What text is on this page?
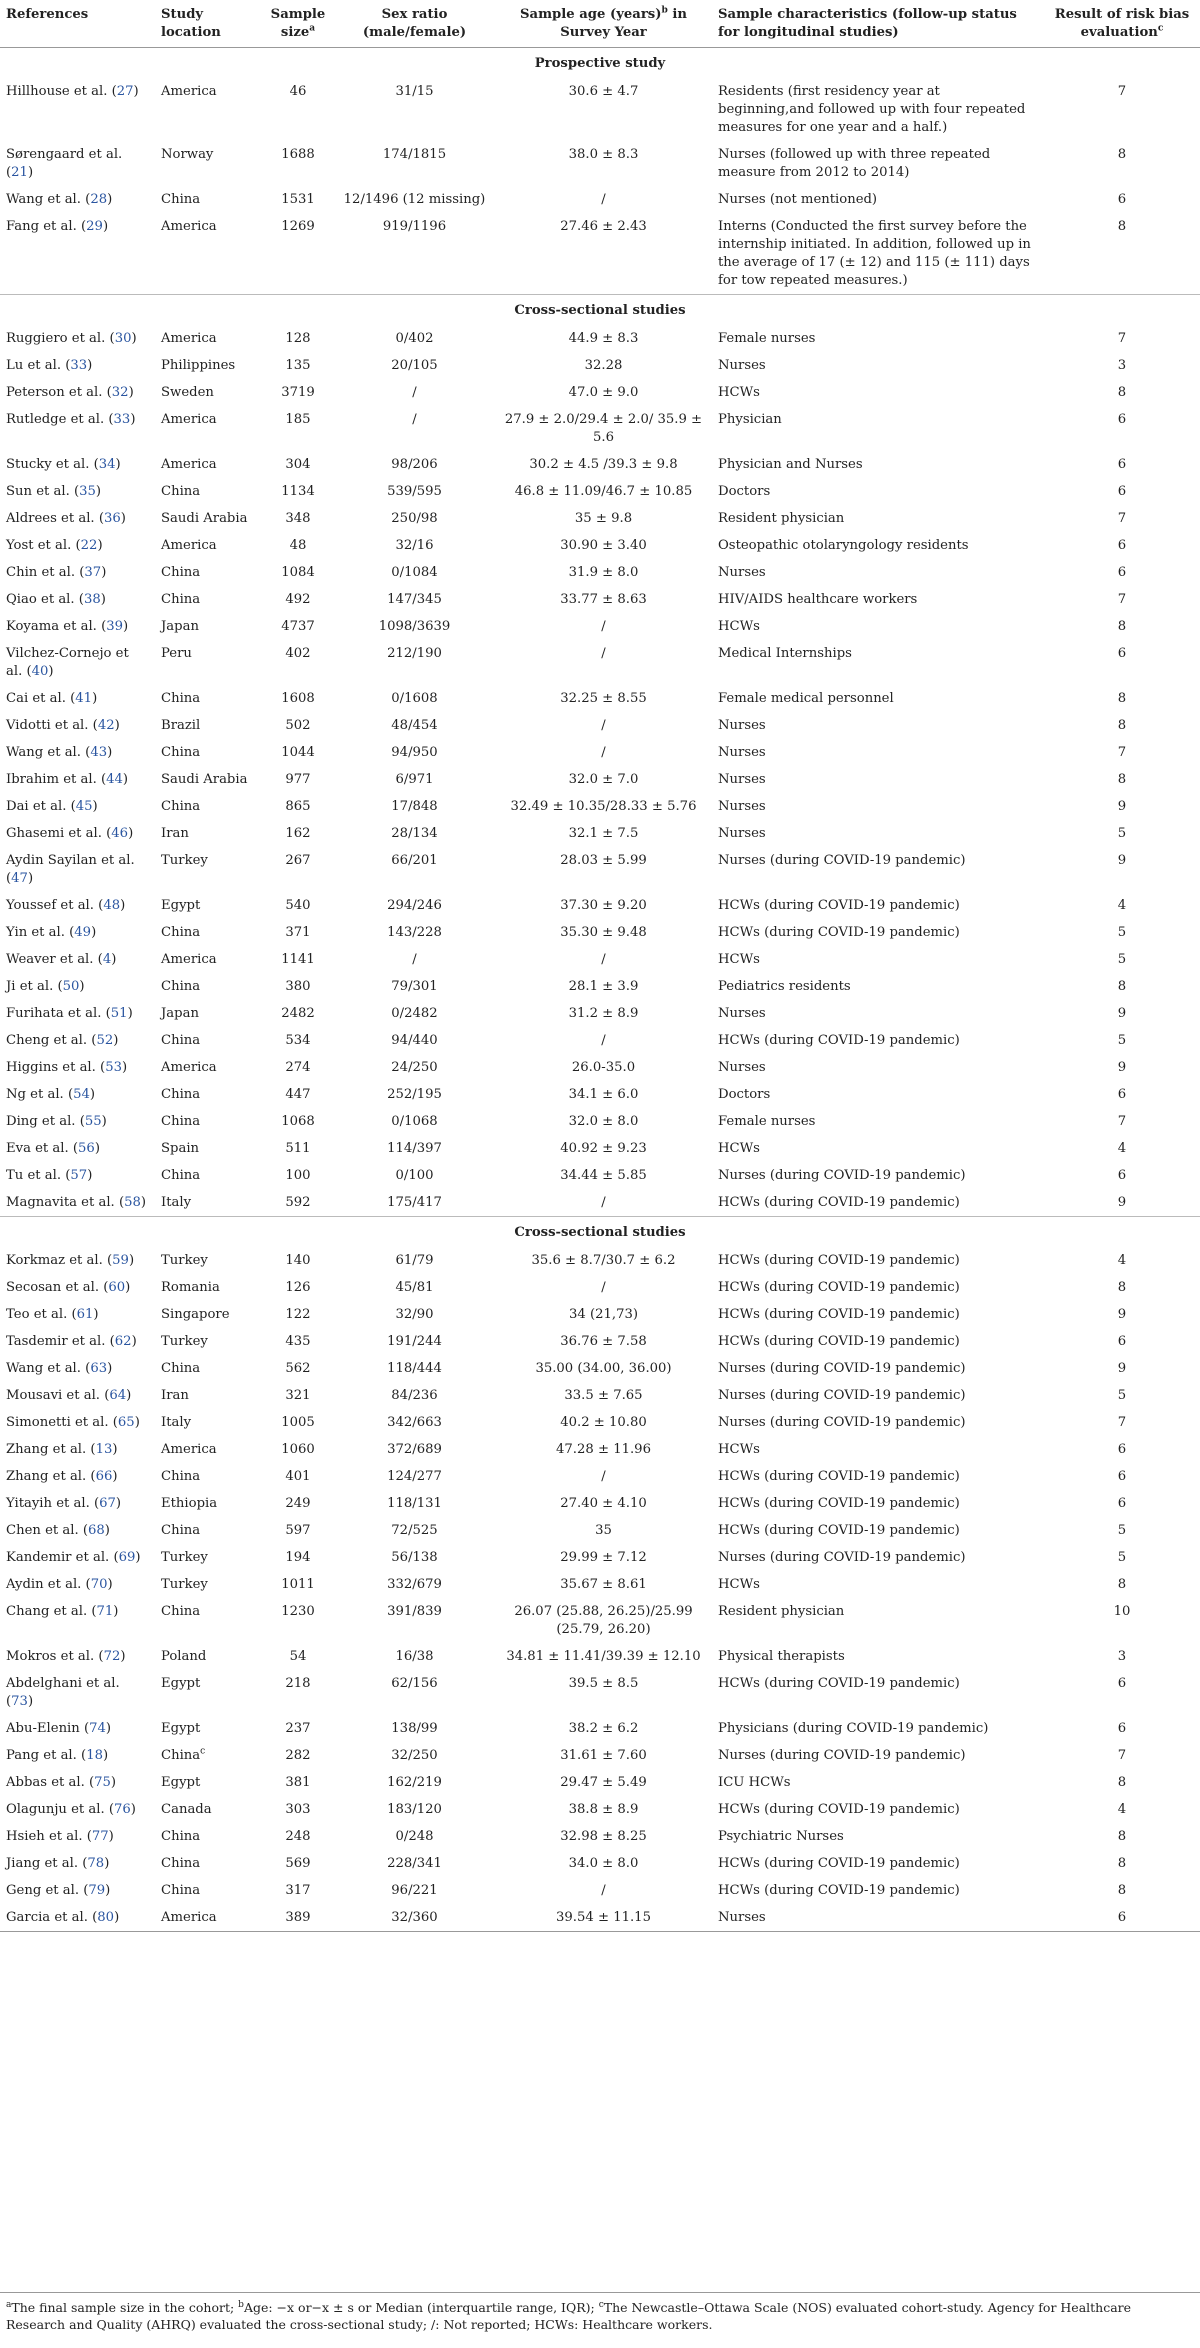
References	Study location	Sample size$^a$	Sex ratio (male/female)	Sample age (years)$^b$ in Survey Year	Sample characteristics (follow-up status for longitudinal studies)	Result of risk bias evaluation$^c$
Prospective study						
Hillhouse et al. (27)	America	46	31/15	30.6 ± 4.7	Residents (first residency year at beginning,and followed up with four repeated measures for one year and a half.)	7
Sørengaard et al. (21)	Norway	1688	174/1815	38.0 ± 8.3	Nurses (followed up with three repeated measure from 2012 to 2014)	8
Wang et al. (28)	China	1531	12/1496 (12 missing)	/	Nurses (not mentioned)	6
Fang et al. (29)	America	1269	919/1196	27.46 ± 2.43	Interns (Conducted the first survey before the internship initiated. In addition, followed up in the average of 17 (± 12) and 115 (± 111) days for tow repeated measures.)	8
Cross-sectional studies						
Ruggiero et al. (30)	America	128	0/402	44.9 ± 8.3	Female nurses	7
Lu et al. (33)	Philippines	135	20/105	32.28	Nurses	3
Peterson et al. (32)	Sweden	3719	/	47.0 ± 9.0	HCWs	8
Rutledge et al. (33)	America	185	/	27.9 ± 2.0/29.4 ± 2.0/ 35.9 ± 5.6	Physician	6
Stucky et al. (34)	America	304	98/206	30.2 ± 4.5 /39.3 ± 9.8	Physician and Nurses	6
Sun et al. (35)	China	1134	539/595	46.8 ± 11.09/46.7 ± 10.85	Doctors	6
Aldrees et al. (36)	Saudi Arabia	348	250/98	35 ± 9.8	Resident physician	7
Yost et al. (22)	America	48	32/16	30.90 ± 3.40	Osteopathic otolaryngology residents	6
Chin et al. (37)	China	1084	0/1084	31.9 ± 8.0	Nurses	6
Qiao et al. (38)	China	492	147/345	33.77 ± 8.63	HIV/AIDS healthcare workers	7
Koyama et al. (39)	Japan	4737	1098/3639	/	HCWs	8
Vilchez-Cornejo et al. (40)	Peru	402	212/190	/	Medical Internships	6
Cai et al. (41)	China	1608	0/1608	32.25 ± 8.55	Female medical personnel	8
Vidotti et al. (42)	Brazil	502	48/454	/	Nurses	8
Wang et al. (43)	China	1044	94/950	/	Nurses	7
Ibrahim et al. (44)	Saudi Arabia	977	6/971	32.0 ± 7.0	Nurses	8
Dai et al. (45)	China	865	17/848	32.49 ± 10.35/28.33 ± 5.76	Nurses	9
Ghasemi et al. (46)	Iran	162	28/134	32.1 ± 7.5	Nurses	5
Aydin Sayilan et al. (47)	Turkey	267	66/201	28.03 ± 5.99	Nurses (during COVID-19 pandemic)	9
Youssef et al. (48)	Egypt	540	294/246	37.30 ± 9.20	HCWs (during COVID-19 pandemic)	4
Yin et al. (49)	China	371	143/228	35.30 ± 9.48	HCWs (during COVID-19 pandemic)	5
Weaver et al. (4)	America	1141	/	/	HCWs	5
Ji et al. (50)	China	380	79/301	28.1 ± 3.9	Pediatrics residents	8
Furihata et al. (51)	Japan	2482	0/2482	31.2 ± 8.9	Nurses	9
Cheng et al. (52)	China	534	94/440	/	HCWs (during COVID-19 pandemic)	5
Higgins et al. (53)	America	274	24/250	26.0-35.0	Nurses	9
Ng et al. (54)	China	447	252/195	34.1 ± 6.0	Doctors	6
Ding et al. (55)	China	1068	0/1068	32.0 ± 8.0	Female nurses	7
Eva et al. (56)	Spain	511	114/397	40.92 ± 9.23	HCWs	4
Tu et al. (57)	China	100	0/100	34.44 ± 5.85	Nurses (during COVID-19 pandemic)	6
Magnavita et al. (58)	Italy	592	175/417	/	HCWs (during COVID-19 pandemic)	9
Cross-sectional studies						
Korkmaz et al. (59)	Turkey	140	61/79	35.6 ± 8.7/30.7 ± 6.2	HCWs (during COVID-19 pandemic)	4
Secosan et al. (60)	Romania	126	45/81	/	HCWs (during COVID-19 pandemic)	8
Teo et al. (61)	Singapore	122	32/90	34 (21,73)	HCWs (during COVID-19 pandemic)	9
Tasdemir et al. (62)	Turkey	435	191/244	36.76 ± 7.58	HCWs (during COVID-19 pandemic)	6
Wang et al. (63)	China	562	118/444	35.00 (34.00, 36.00)	Nurses (during COVID-19 pandemic)	9
Mousavi et al. (64)	Iran	321	84/236	33.5 ± 7.65	Nurses (during COVID-19 pandemic)	5
Simonetti et al. (65)	Italy	1005	342/663	40.2 ± 10.80	Nurses (during COVID-19 pandemic)	7
Zhang et al. (13)	America	1060	372/689	47.28 ± 11.96	HCWs	6
Zhang et al. (66)	China	401	124/277	/	HCWs (during COVID-19 pandemic)	6
Yitayih et al. (67)	Ethiopia	249	118/131	27.40 ± 4.10	HCWs (during COVID-19 pandemic)	6
Chen et al. (68)	China	597	72/525	35	HCWs (during COVID-19 pandemic)	5
Kandemir et al. (69)	Turkey	194	56/138	29.99 ± 7.12	Nurses (during COVID-19 pandemic)	5
Aydin et al. (70)	Turkey	1011	332/679	35.67 ± 8.61	HCWs	8
Chang et al. (71)	China	1230	391/839	26.07 (25.88, 26.25)/25.99 (25.79, 26.20)	Resident physician	10
Mokros et al. (72)	Poland	54	16/38	34.81 ± 11.41/39.39 ± 12.10	Physical therapists	3
Abdelghani et al. (73)	Egypt	218	62/156	39.5 ± 8.5	HCWs (during COVID-19 pandemic)	6
Abu-Elenin (74)	Egypt	237	138/99	38.2 ± 6.2	Physicians (during COVID-19 pandemic)	6
Pang et al. (18)	China$^c$	282	32/250	31.61 ± 7.60	Nurses (during COVID-19 pandemic)	7
Abbas et al. (75)	Egypt	381	162/219	29.47 ± 5.49	ICU HCWs	8
Olagunju et al. (76)	Canada	303	183/120	38.8 ± 8.9	HCWs (during COVID-19 pandemic)	4
Hsieh et al. (77)	China	248	0/248	32.98 ± 8.25	Psychiatric Nurses	8
Jiang et al. (78)	China	569	228/341	34.0 ± 8.0	HCWs (during COVID-19 pandemic)	8
Geng et al. (79)	China	317	96/221	/	HCWs (during COVID-19 pandemic)	8
Garcia et al. (80)	America	389	32/360	39.54 ± 11.15	Nurses	6
$^a$The final sample size in the cohort; $^b$Age: −x or−x ± s or Median (interquartile range, IQR); $^c$The Newcastle–Ottawa Scale (NOS) evaluated cohort-study. Agency for Healthcare Research and Quality (AHRQ) evaluated the cross-sectional study; /: Not reported; HCWs: Healthcare workers.
